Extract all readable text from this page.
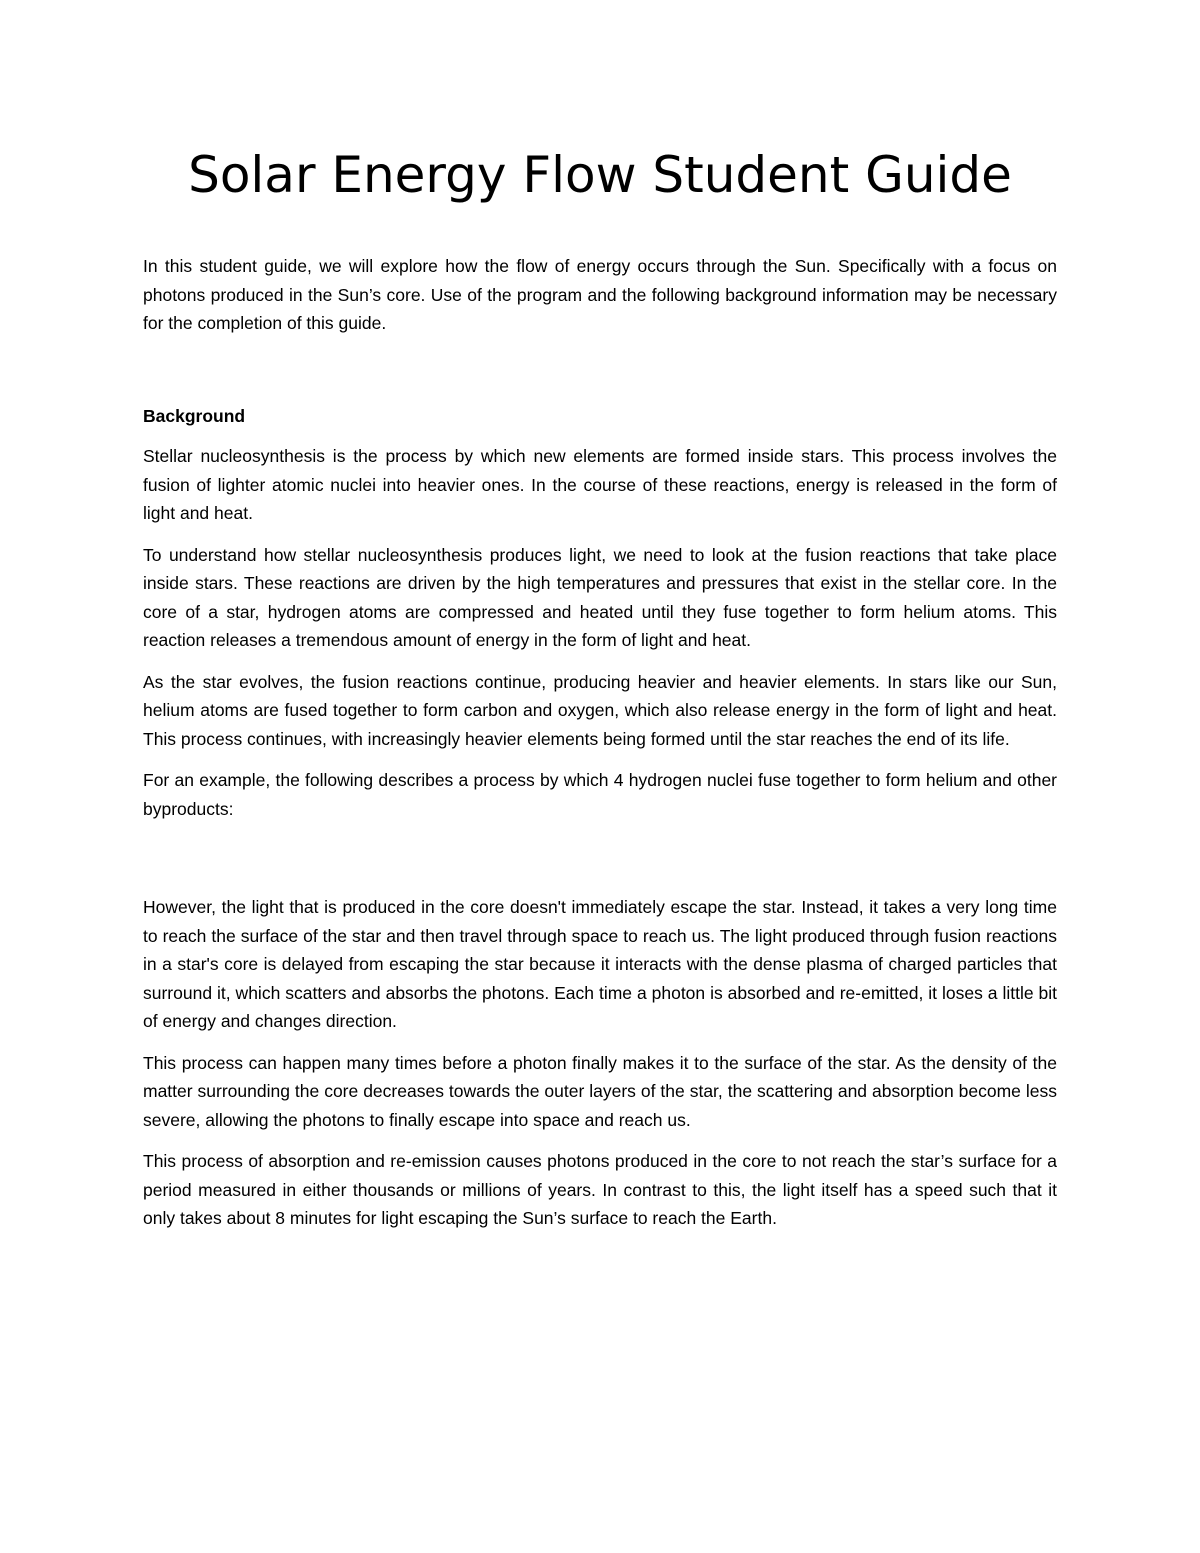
Solar Energy Flow Student Guide

In this student guide, we will explore how the flow of energy occurs through the Sun. Specifically with a focus on photons produced in the Sun’s core. Use of the program and the following background information may be necessary for the completion of this guide.

Background

Stellar nucleosynthesis is the process by which new elements are formed inside stars. This process involves the fusion of lighter atomic nuclei into heavier ones. In the course of these reactions, energy is released in the form of light and heat.

To understand how stellar nucleosynthesis produces light, we need to look at the fusion reactions that take place inside stars. These reactions are driven by the high temperatures and pressures that exist in the stellar core. In the core of a star, hydrogen atoms are compressed and heated until they fuse together to form helium atoms. This reaction releases a tremendous amount of energy in the form of light and heat.

As the star evolves, the fusion reactions continue, producing heavier and heavier elements. In stars like our Sun, helium atoms are fused together to form carbon and oxygen, which also release energy in the form of light and heat. This process continues, with increasingly heavier elements being formed until the star reaches the end of its life.

For an example, the following describes a process by which 4 hydrogen nuclei fuse together to form helium and other byproducts:

However, the light that is produced in the core doesn't immediately escape the star. Instead, it takes a very long time to reach the surface of the star and then travel through space to reach us. The light produced through fusion reactions in a star's core is delayed from escaping the star because it interacts with the dense plasma of charged particles that surround it, which scatters and absorbs the photons. Each time a photon is absorbed and re-emitted, it loses a little bit of energy and changes direction.

This process can happen many times before a photon finally makes it to the surface of the star. As the density of the matter surrounding the core decreases towards the outer layers of the star, the scattering and absorption become less severe, allowing the photons to finally escape into space and reach us.

This process of absorption and re-emission causes photons produced in the core to not reach the star’s surface for a period measured in either thousands or millions of years. In contrast to this, the light itself has a speed such that it only takes about 8 minutes for light escaping the Sun’s surface to reach the Earth.
